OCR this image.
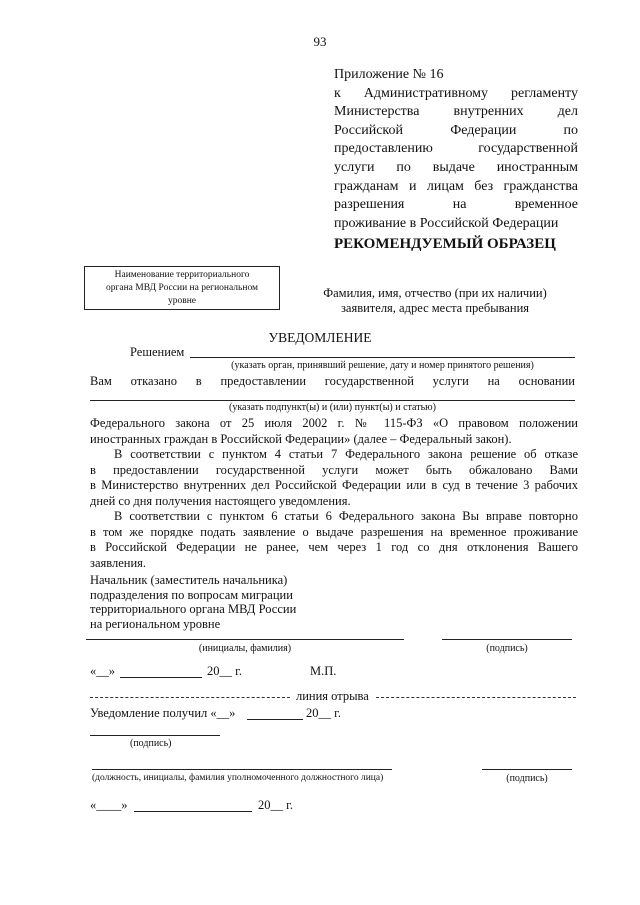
93
Приложение № 16
к Административному регламенту
Министерства внутренних дел
Российской Федерации по
предоставлению государственной
услуги по выдаче иностранным
гражданам и лицам без гражданства
разрешения на временное
проживание в Российской Федерации
РЕКОМЕНДУЕМЫЙ ОБРАЗЕЦ
Наименование территориального
органа МВД России на региональном
уровне
Фамилия, имя, отчество (при их наличии)
заявителя, адрес места пребывания
УВЕДОМЛЕНИЕ
Решением
(указать орган, принявший решение, дату и номер принятого решения)
Вам отказано в предоставлении государственной услуги на основании
(указать подпункт(ы) и (или) пункт(ы) и статью)
Федерального закона от 25 июля 2002 г. № 115-ФЗ «О правовом положении
иностранных граждан в Российской Федерации» (далее – Федеральный закон).
В соответствии с пунктом 4 статьи 7 Федерального закона решение об отказе
в предоставлении государственной услуги может быть обжаловано Вами
в Министерство внутренних дел Российской Федерации или в суд в течение 3 рабочих
дней со дня получения настоящего уведомления.
В соответствии с пунктом 6 статьи 6 Федерального закона Вы вправе повторно
в том же порядке подать заявление о выдаче разрешения на временное проживание
в Российской Федерации не ранее, чем через 1 год со дня отклонения Вашего
заявления.
Начальник (заместитель начальника)
подразделения по вопросам миграции
территориального органа МВД России
на региональном уровне
(инициалы, фамилия)	(подпись)
«__»	20__ г.	М.П.
линия отрыва
Уведомление получил «__»	20__ г.
(подпись)
(должность, инициалы, фамилия уполномоченного должностного лица)	(подпись)
«____»	20__ г.
